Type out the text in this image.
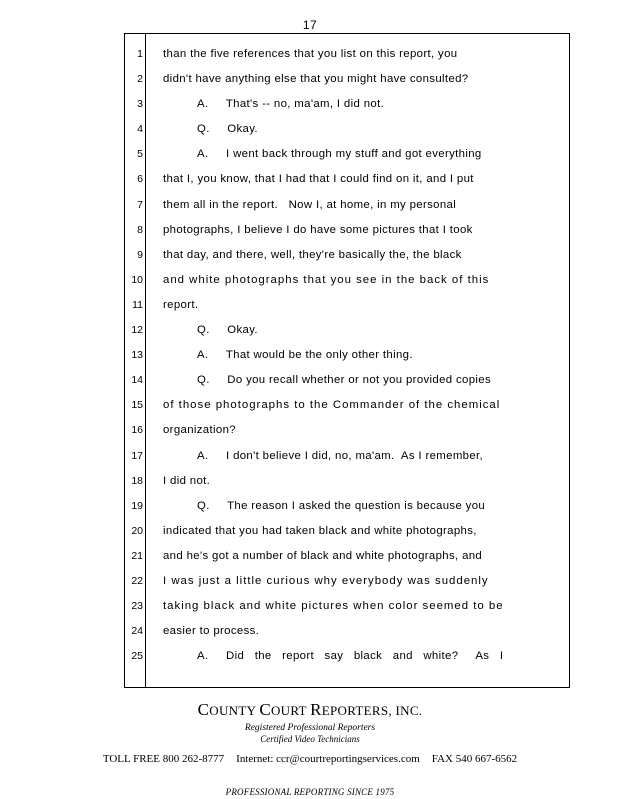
17
1	than the five references that you list on this report, you
2	didn't have anything else that you might have consulted?
3	A.     That's -- no, ma'am, I did not.
4	Q.     Okay.
5	A.     I went back through my stuff and got everything
6	that I, you know, that I had that I could find on it, and I put
7	them all in the report.   Now I, at home, in my personal
8	photographs, I believe I do have some pictures that I took
9	that day, and there, well, they're basically the, the black
10	and white photographs that you see in the back of this
11	report.
12	Q.     Okay.
13	A.     That would be the only other thing.
14	Q.     Do you recall whether or not you provided copies
15	of those photographs to the Commander of the chemical
16	organization?
17	A.     I don't believe I did, no, ma'am.  As I remember,
18	I did not.
19	Q.     The reason I asked the question is because you
20	indicated that you had taken black and white photographs,
21	and he's got a number of black and white photographs, and
22	I was just a little curious why everybody was suddenly
23	taking black and white pictures when color seemed to be
24	easier to process.
25	A.     Did   the   report   say   black   and   white?     As   I
COUNTY COURT REPORTERS, INC.
Registered Professional Reporters
Certified Video Technicians
TOLL FREE 800 262-8777 Internet: ccr@courtreportingservices.com FAX 540 667-6562
PROFESSIONAL REPORTING SINCE 1975
